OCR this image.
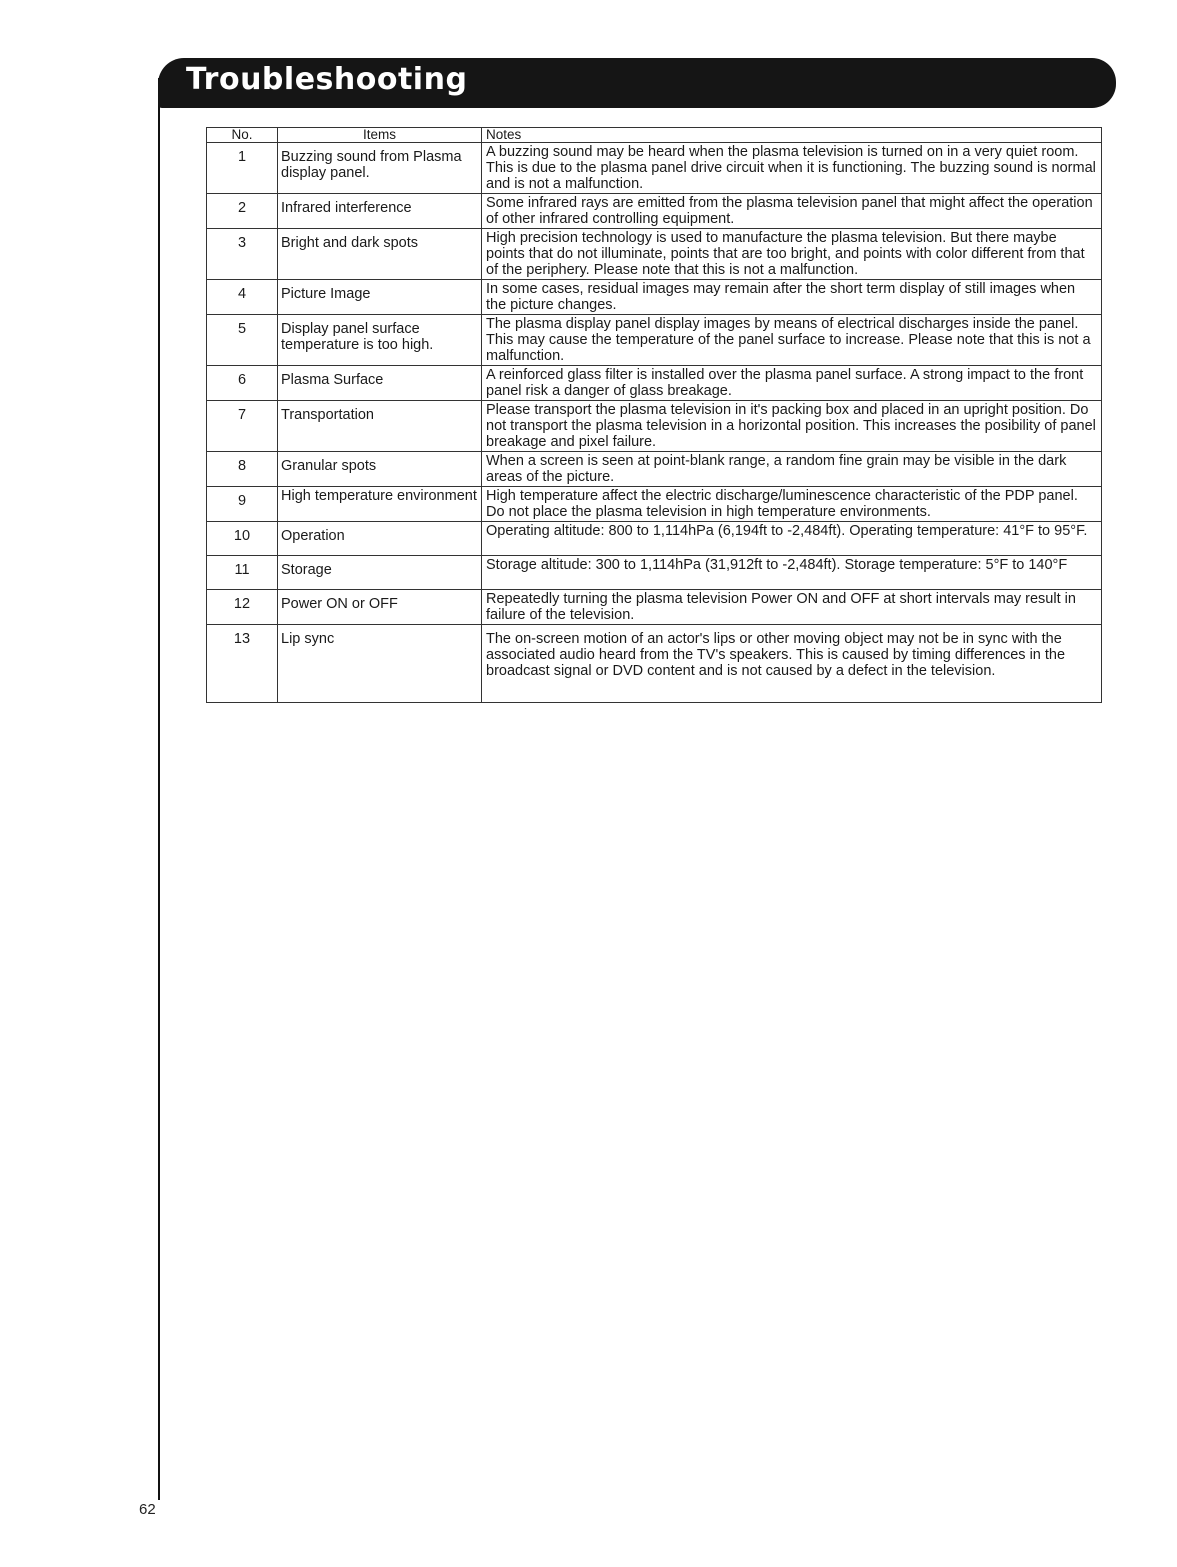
Troubleshooting
No.	Items	Notes
1	Buzzing sound from Plasma display panel.	A buzzing sound may be heard when the plasma television is turned on in a very quiet room. This is due to the plasma panel drive circuit when it is functioning. The buzzing sound is normal and is not a malfunction.
2	Infrared interference	Some infrared rays are emitted from the plasma television panel that might affect the operation of other infrared controlling equipment.
3	Bright and dark spots	High precision technology is used to manufacture the plasma television. But there maybe points that do not illuminate, points that are too bright, and points with color different from that of the periphery. Please note that this is not a malfunction.
4	Picture Image	In some cases, residual images may remain after the short term display of still images when the picture changes.
5	Display panel surface temperature is too high.	The plasma display panel display images by means of electrical discharges inside the panel. This may cause the temperature of the panel surface to increase. Please note that this is not a malfunction.
6	Plasma Surface	A reinforced glass filter is installed over the plasma panel surface. A strong impact to the front panel risk a danger of glass breakage.
7	Transportation	Please transport the plasma television in it's packing box and placed in an upright position. Do not transport the plasma television in a horizontal position. This increases the posibility of panel breakage and pixel failure.
8	Granular spots	When a screen is seen at point-blank range, a random fine grain may be visible in the dark areas of the picture.
9	High temperature environment	High temperature affect the electric discharge/luminescence characteristic of the PDP panel. Do not place the plasma television in high temperature environments.
10	Operation	Operating altitude: 800 to 1,114hPa (6,194ft to -2,484ft). Operating temperature: 41°F to 95°F.
11	Storage	Storage altitude: 300 to 1,114hPa (31,912ft to -2,484ft). Storage temperature: 5°F to 140°F
12	Power ON or OFF	Repeatedly turning the plasma television Power ON and OFF at short intervals may result in failure of the television.
13	Lip sync	The on-screen motion of an actor's lips or other moving object may not be in sync with the associated audio heard from the TV's speakers. This is caused by timing differences in the broadcast signal or DVD content and is not caused by a defect in the television.
62
